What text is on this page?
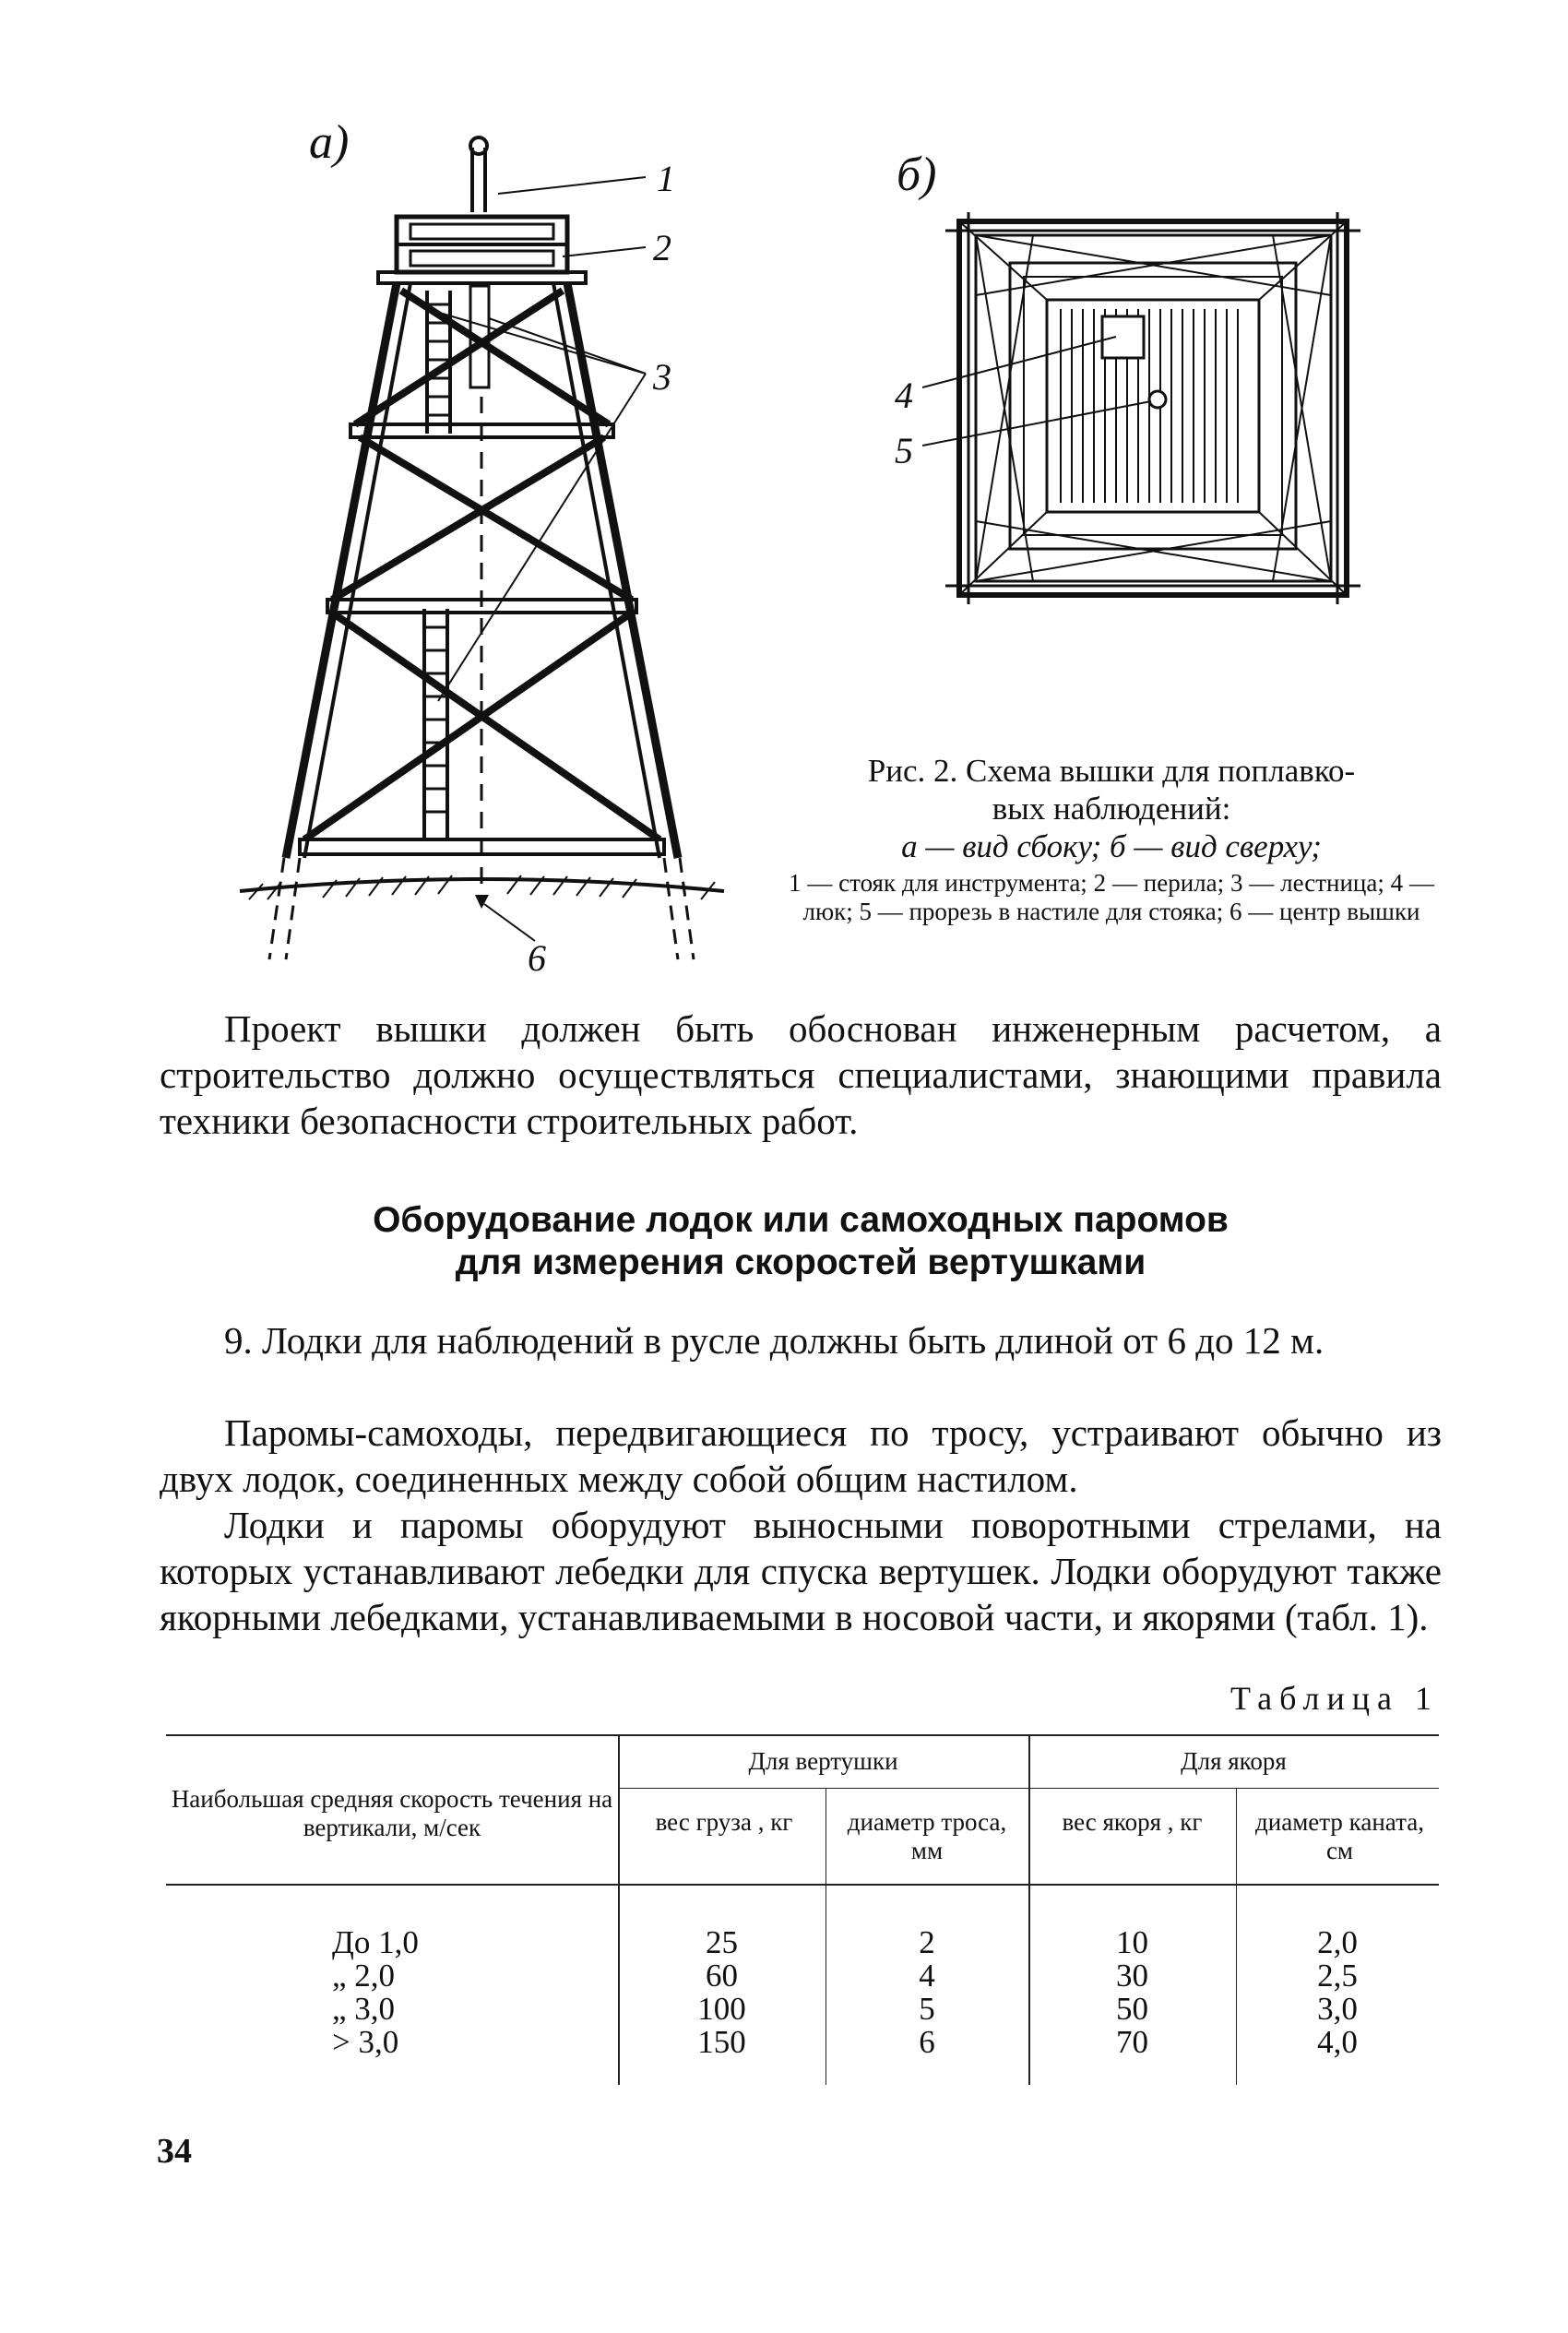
а)
б)
1
2
3	4
5
6
Рис. 2. Схема вышки для поплавко-
вых наблюдений:
а — вид сбоку; б — вид сверху;
1 — стояк для инструмента; 2 — перила; 3 — лестница; 4 — люк; 5 — прорезь в настиле для стояка; 6 — центр вышки
Проект вышки должен быть обоснован инженерным расчетом, а строительство должно осуществляться специалистами, знающими правила техники безопасности строительных работ.
Оборудование лодок или самоходных паромов
для измерения скоростей вертушками
9. Лодки для наблюдений в русле должны быть длиной от 6 до 12 м.
Паромы-самоходы, передвигающиеся по тросу, устраивают обычно из двух лодок, соединенных между собой общим настилом.
Лодки и паромы оборудуют выносными поворотными стрелами, на которых устанавливают лебедки для спуска вертушек. Лодки оборудуют также якорными лебедками, устанавливаемыми в носовой части, и якорями (табл. 1).
Таблица 1
Наибольшая средняя скорость течения на вертикали, м/сек
Для вертушки	Для якоря
вес груза , кг	диаметр троса, мм
вес якоря , кг	диаметр каната, см
До 1,0	25	2	10	2,0
„ 2,0	60	4	30	2,5
„ 3,0	100	5	50	3,0
> 3,0	150	6	70	4,0
34
